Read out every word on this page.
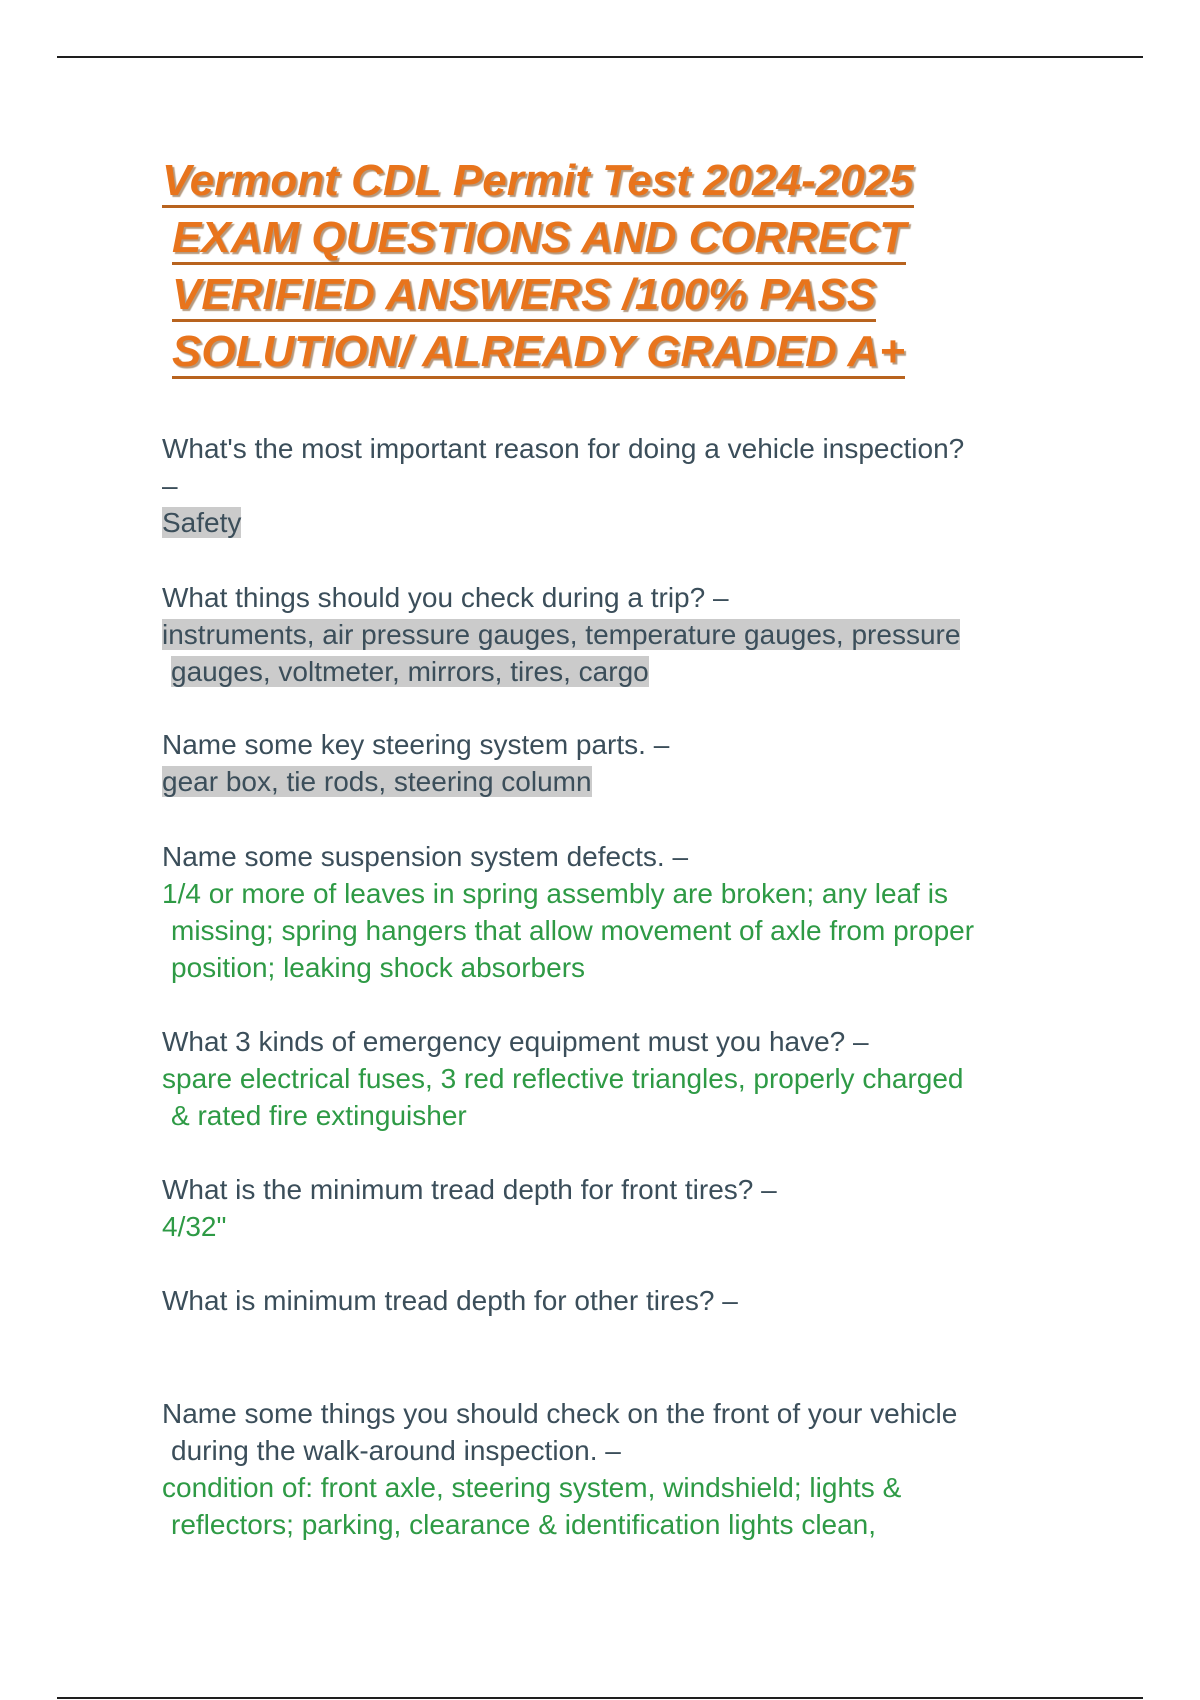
Vermont CDL Permit Test 2024-2025
EXAM QUESTIONS AND CORRECT
VERIFIED ANSWERS /100% PASS
SOLUTION/ ALREADY GRADED A+
What's the most important reason for doing a vehicle inspection?
–
Safety
What things should you check during a trip? –
instruments, air pressure gauges, temperature gauges, pressure
gauges, voltmeter, mirrors, tires, cargo
Name some key steering system parts. –
gear box, tie rods, steering column
Name some suspension system defects. –
1/4 or more of leaves in spring assembly are broken; any leaf is
missing; spring hangers that allow movement of axle from proper
position; leaking shock absorbers
What 3 kinds of emergency equipment must you have? –
spare electrical fuses, 3 red reflective triangles, properly charged
& rated fire extinguisher
What is the minimum tread depth for front tires? –
4/32"
What is minimum tread depth for other tires? –
Name some things you should check on the front of your vehicle
during the walk-around inspection. –
condition of: front axle, steering system, windshield; lights &
reflectors; parking, clearance & identification lights clean,
